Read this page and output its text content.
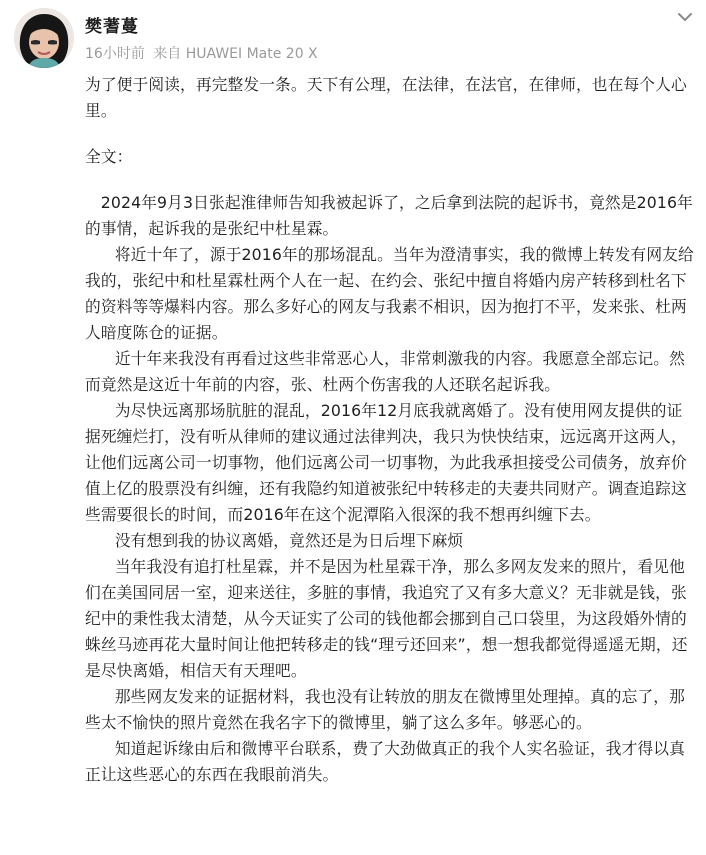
樊蓍蔓
16小时前 来自 HUAWEI Mate 20 X

为了便于阅读，再完整发一条。天下有公理，在法律，在法官，在律师，也在每个人心里。

全文：

2024年9月3日张起淮律师告知我被起诉了，之后拿到法院的起诉书，竟然是2016年的事情，起诉我的是张纪中杜星霖。

将近十年了，源于2016年的那场混乱。当年为澄清事实，我的微博上转发有网友给我的，张纪中和杜星霖杜两个人在一起、在约会、张纪中擅自将婚内房产转移到杜名下的资料等等爆料内容。那么多好心的网友与我素不相识，因为抱打不平，发来张、杜两人暗度陈仓的证据。

近十年来我没有再看过这些非常恶心人，非常刺激我的内容。我愿意全部忘记。然而竟然是这近十年前的内容，张、杜两个伤害我的人还联名起诉我。

为尽快远离那场肮脏的混乱，2016年12月底我就离婚了。没有使用网友提供的证据死缠烂打，没有听从律师的建议通过法律判决，我只为快快结束，远远离开这两人，让他们远离公司一切事物，他们远离公司一切事物，为此我承担接受公司债务，放弃价值上亿的股票没有纠缠，还有我隐约知道被张纪中转移走的夫妻共同财产。调查追踪这些需要很长的时间，而2016年在这个泥潭陷入很深的我不想再纠缠下去。

没有想到我的协议离婚，竟然还是为日后埋下麻烦

当年我没有追打杜星霖，并不是因为杜星霖干净，那么多网友发来的照片，看见他们在美国同居一室，迎来送往，多脏的事情，我追究了又有多大意义？无非就是钱，张纪中的秉性我太清楚，从今天证实了公司的钱他都会挪到自己口袋里，为这段婚外情的蛛丝马迹再花大量时间让他把转移走的钱“理亏还回来”，想一想我都觉得遥遥无期，还是尽快离婚，相信天有天理吧。

那些网友发来的证据材料，我也没有让转放的朋友在微博里处理掉。真的忘了，那些太不愉快的照片竟然在我名字下的微博里，躺了这么多年。够恶心的。

知道起诉缘由后和微博平台联系，费了大劲做真正的我个人实名验证，我才得以真正让这些恶心的东西在我眼前消失。
